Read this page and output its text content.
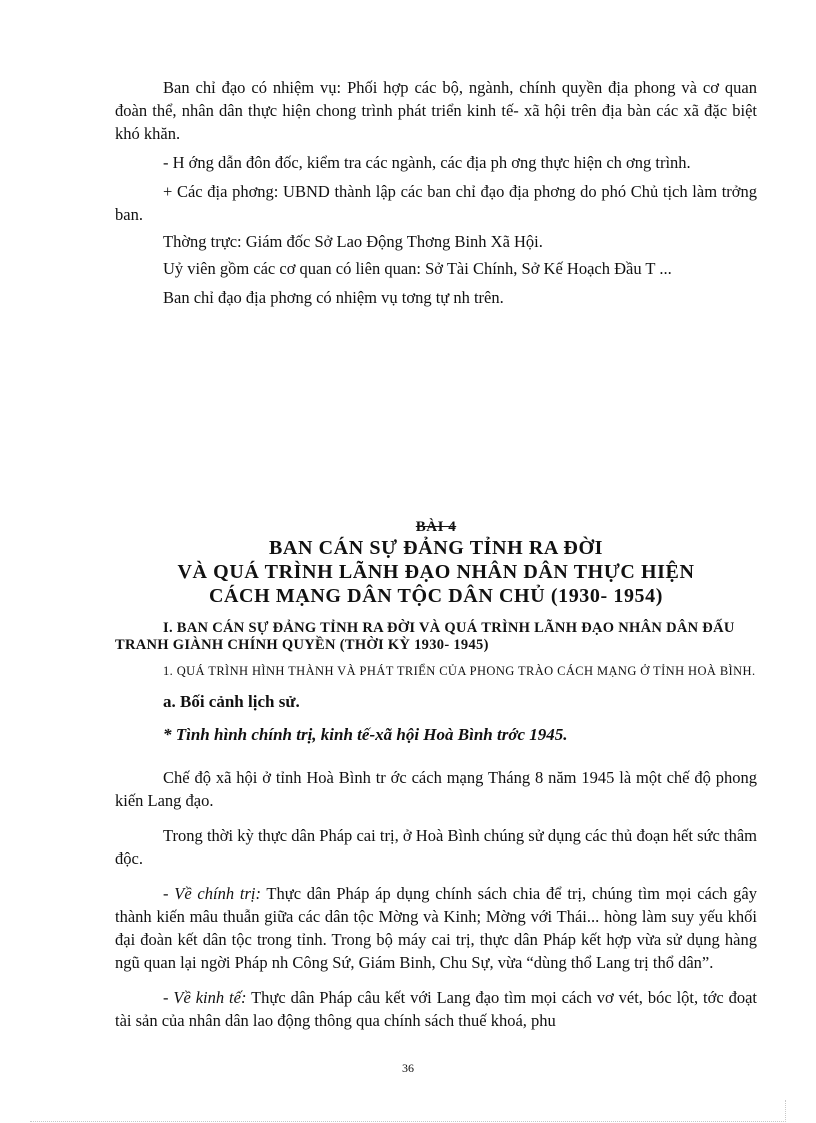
Ban chỉ đạo có nhiệm vụ: Phối hợp các bộ, ngành, chính quyền địa phong và cơ quan đoàn thể, nhân dân thực hiện chong trình phát triển kinh tế- xã hội trên địa bàn các xã đặc biệt khó khăn.

- H ớng dẫn đôn đốc, kiểm tra các ngành, các địa ph ơng thực hiện ch ơng trình.

+ Các địa phơng: UBND thành lập các ban chỉ đạo địa phơng do phó Chủ tịch làm trởng ban.

Thờng trực: Giám đốc Sở Lao Động Thơng Binh Xã Hội.

Uỷ viên gồm các cơ quan có liên quan: Sở Tài Chính, Sở Kế Hoạch Đầu T ...

Ban chỉ đạo địa phơng có nhiệm vụ tơng tự nh trên.

BÀI 4
BAN CÁN SỰ ĐẢNG TỈNH RA ĐỜI
VÀ QUÁ TRÌNH LÃNH ĐẠO NHÂN DÂN THỰC HIỆN
CÁCH MẠNG DÂN TỘC DÂN CHỦ (1930- 1954)

I. BAN CÁN SỰ ĐẢNG TỈNH RA ĐỜI VÀ QUÁ TRÌNH LÃNH ĐẠO NHÂN DÂN ĐẤU TRANH GIÀNH CHÍNH QUYỀN (THỜI KỲ 1930- 1945)

1. QUÁ TRÌNH HÌNH THÀNH VÀ PHÁT TRIỂN CỦA PHONG TRÀO CÁCH MẠNG Ở TỈNH HOÀ BÌNH.

a. Bối cảnh lịch sử.

* Tình hình chính trị, kinh tế-xã hội Hoà Bình trớc 1945.

Chế độ xã hội ở tỉnh Hoà Bình tr ớc cách mạng Tháng 8 năm 1945 là một chế độ phong kiến Lang đạo.

Trong thời kỳ thực dân Pháp cai trị, ở Hoà Bình chúng sử dụng các thủ đoạn hết sức thâm độc.

- Về chính trị: Thực dân Pháp áp dụng chính sách chia để trị, chúng tìm mọi cách gây thành kiến mâu thuẫn giữa các dân tộc Mờng và Kinh; Mờng với Thái... hòng làm suy yếu khối đại đoàn kết dân tộc trong tỉnh. Trong bộ máy cai trị, thực dân Pháp kết hợp vừa sử dụng hàng ngũ quan lại ngời Pháp nh Công Sứ, Giám Binh, Chu Sự, vừa “dùng thổ Lang trị thổ dân”.

- Về kinh tế: Thực dân Pháp câu kết với Lang đạo tìm mọi cách vơ vét, bóc lột, tớc đoạt tài sản của nhân dân lao động thông qua chính sách thuế khoá, phu

36
